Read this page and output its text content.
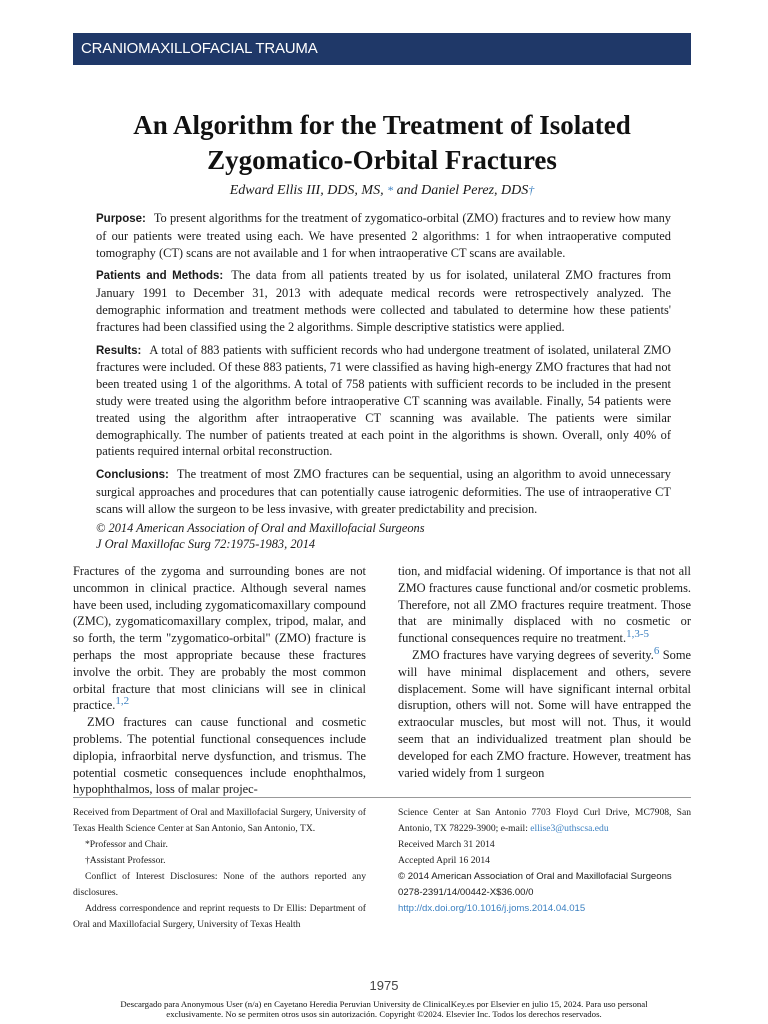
CRANIOMAXILLOFACIAL TRAUMA
An Algorithm for the Treatment of Isolated Zygomatico-Orbital Fractures
Edward Ellis III, DDS, MS, * and Daniel Perez, DDS†

Purpose: To present algorithms for the treatment of zygomatico-orbital (ZMO) fractures and to review how many of our patients were treated using each. We have presented 2 algorithms: 1 for when intraoperative computed tomography (CT) scans are not available and 1 for when intraoperative CT scans are available.

Patients and Methods: The data from all patients treated by us for isolated, unilateral ZMO fractures from January 1991 to December 31, 2013 with adequate medical records were retrospectively analyzed. The demographic information and treatment methods were collected and tabulated to determine how these patients' fractures had been classified using the 2 algorithms. Simple descriptive statistics were applied.

Results: A total of 883 patients with sufficient records who had undergone treatment of isolated, unilateral ZMO fractures were included. Of these 883 patients, 71 were classified as having high-energy ZMO fractures that had not been treated using 1 of the algorithms. A total of 758 patients with sufficient records to be included in the present study were treated using the algorithm before intraoperative CT scanning was available. Finally, 54 patients were treated using the algorithm after intraoperative CT scanning was available. The patients were similar demographically. The number of patients treated at each point in the algorithms is shown. Overall, only 40% of patients required internal orbital reconstruction.

Conclusions: The treatment of most ZMO fractures can be sequential, using an algorithm to avoid unnecessary surgical approaches and procedures that can potentially cause iatrogenic deformities. The use of intraoperative CT scans will allow the surgeon to be less invasive, with greater predictability and precision.

© 2014 American Association of Oral and Maxillofacial Surgeons

J Oral Maxillofac Surg 72:1975-1983, 2014

Fractures of the zygoma and surrounding bones are not uncommon in clinical practice. Although several names have been used, including zygomaticomaxillary compound (ZMC), zygomaticomaxillary complex, tripod, malar, and so forth, the term "zygomatico-orbital" (ZMO) fracture is perhaps the most appropriate because these fractures involve the orbit. They are probably the most common orbital fracture that most clinicians will see in clinical practice.1,2

ZMO fractures can cause functional and cosmetic problems. The potential functional consequences include diplopia, infraorbital nerve dysfunction, and trismus. The potential cosmetic consequences include enophthalmos, hypophthalmos, loss of malar projec-

tion, and midfacial widening. Of importance is that not all ZMO fractures cause functional and/or cosmetic problems. Therefore, not all ZMO fractures require treatment. Those that are minimally displaced with no cosmetic or functional consequences require no treatment.1,3-5

ZMO fractures have varying degrees of severity.6 Some will have minimal displacement and others, severe displacement. Some will have significant internal orbital disruption, others will not. Some will have entrapped the extraocular muscles, but most will not. Thus, it would seem that an individualized treatment plan should be developed for each ZMO fracture. However, treatment has varied widely from 1 surgeon

Received from Department of Oral and Maxillofacial Surgery, University of Texas Health Science Center at San Antonio, San Antonio, TX.

*Professor and Chair.

†Assistant Professor.

Conflict of Interest Disclosures: None of the authors reported any disclosures.

Address correspondence and reprint requests to Dr Ellis: Department of Oral and Maxillofacial Surgery, University of Texas Health

Science Center at San Antonio 7703 Floyd Curl Drive, MC7908, San Antonio, TX 78229-3900; e-mail: ellise3@uthscsa.edu

Received March 31 2014

Accepted April 16 2014

© 2014 American Association of Oral and Maxillofacial Surgeons

0278-2391/14/00442-X$36.00/0

http://dx.doi.org/10.1016/j.joms.2014.04.015

1975
Descargado para Anonymous User (n/a) en Cayetano Heredia Peruvian University de ClinicalKey.es por Elsevier en julio 15, 2024. Para uso personal exclusivamente. No se permiten otros usos sin autorización. Copyright ©2024. Elsevier Inc. Todos los derechos reservados.
